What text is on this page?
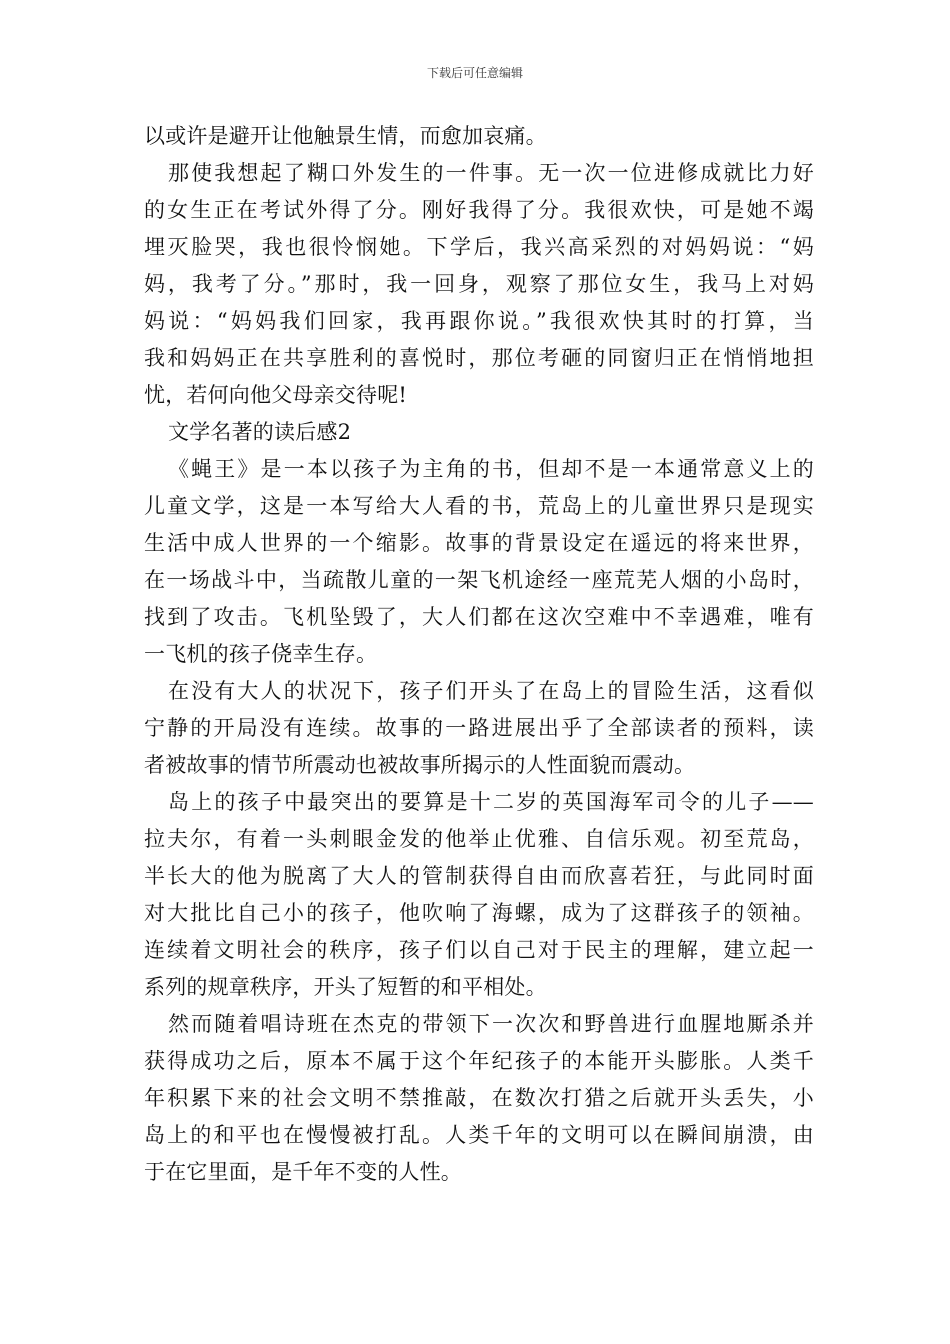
下载后可任意编辑
以或许是避开让他触景生情，而愈加哀痛。
那使我想起了糊口外发生的一件事。无一次一位进修成就比力好
的女生正在考试外得了分。刚好我得了分。我很欢快，可是她不竭
埋灭脸哭，我也很怜悯她。下学后，我兴高采烈的对妈妈说：“妈
妈，我考了分。”那时，我一回身，观察了那位女生，我马上对妈
妈说：“妈妈我们回家，我再跟你说。”我很欢快其时的打算，当
我和妈妈正在共享胜利的喜悦时，那位考砸的同窗归正在悄悄地担
忧，若何向他父母亲交待呢!
文学名著的读后感2
《蝇王》是一本以孩子为主角的书，但却不是一本通常意义上的
儿童文学，这是一本写给大人看的书，荒岛上的儿童世界只是现实
生活中成人世界的一个缩影。故事的背景设定在遥远的将来世界，
在一场战斗中，当疏散儿童的一架飞机途经一座荒芜人烟的小岛时，
找到了攻击。飞机坠毁了，大人们都在这次空难中不幸遇难，唯有
一飞机的孩子侥幸生存。
在没有大人的状况下，孩子们开头了在岛上的冒险生活，这看似
宁静的开局没有连续。故事的一路进展出乎了全部读者的预料，读
者被故事的情节所震动也被故事所揭示的人性面貌而震动。
岛上的孩子中最突出的要算是十二岁的英国海军司令的儿子——
拉夫尔，有着一头刺眼金发的他举止优雅、自信乐观。初至荒岛，
半长大的他为脱离了大人的管制获得自由而欣喜若狂，与此同时面
对大批比自己小的孩子，他吹响了海螺，成为了这群孩子的领袖。
连续着文明社会的秩序，孩子们以自己对于民主的理解，建立起一
系列的规章秩序，开头了短暂的和平相处。
然而随着唱诗班在杰克的带领下一次次和野兽进行血腥地厮杀并
获得成功之后，原本不属于这个年纪孩子的本能开头膨胀。人类千
年积累下来的社会文明不禁推敲，在数次打猎之后就开头丢失，小
岛上的和平也在慢慢被打乱。人类千年的文明可以在瞬间崩溃，由
于在它里面，是千年不变的人性。
